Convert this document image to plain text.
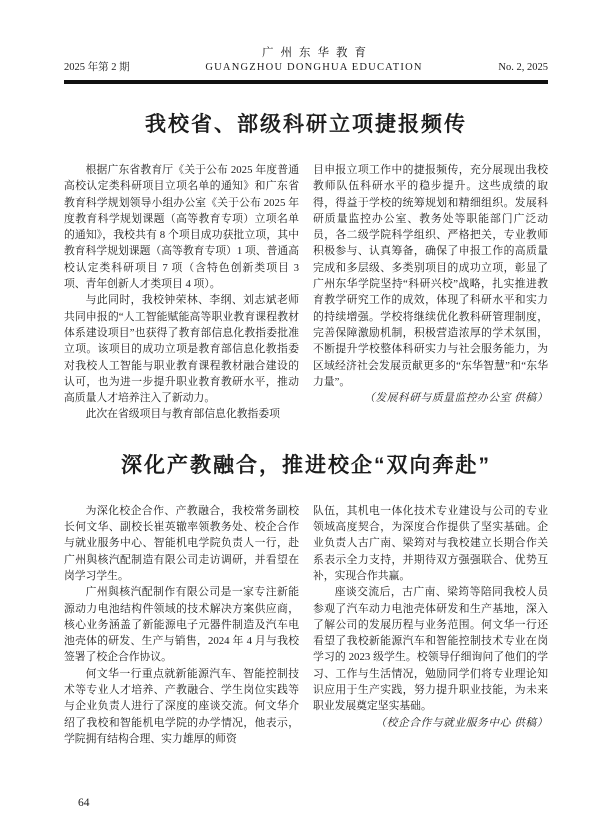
2025 年第 2 期
广州东华教育
GUANGZHOU DONGHUA EDUCATION	No. 2, 2025
我校省、部级科研立项捷报频传

根据广东省教育厅《关于公布 2025 年度普通高校认定类科研项目立项名单的通知》和广东省教育科学规划领导小组办公室《关于公布 2025 年度教育科学规划课题（高等教育专项）立项名单的通知》，我校共有 8 个项目成功获批立项，其中教育科学规划课题（高等教育专项）1 项、普通高校认定类科研项目 7 项（含特色创新类项目 3 项、青年创新人才类项目 4 项）。

与此同时，我校钟荣林、李纲、刘志斌老师共同申报的“人工智能赋能高等职业教育课程教材体系建设项目”也获得了教育部信息化教指委批准立项。该项目的成功立项是教育部信息化教指委对我校人工智能与职业教育课程教材融合建设的认可，也为进一步提升职业教育教研水平，推动高质量人才培养注入了新动力。

此次在省级项目与教育部信息化教指委项

目申报立项工作中的捷报频传，充分展现出我校教师队伍科研水平的稳步提升。这些成绩的取得，得益于学校的统筹规划和精细组织。发展科研质量监控办公室、教务处等职能部门广泛动员，各二级学院科学组织、严格把关，专业教师积极参与、认真筹备，确保了申报工作的高质量完成和多层级、多类别项目的成功立项，彰显了广州东华学院坚持“科研兴校”战略，扎实推进教育教学研究工作的成效，体现了科研水平和实力的持续增强。学校将继续优化教科研管理制度，完善保障激励机制，积极营造浓厚的学术氛围，不断提升学校整体科研实力与社会服务能力，为区域经济社会发展贡献更多的“东华智慧”和“东华力量”。

（发展科研与质量监控办公室 供稿）

深化产教融合，推进校企“双向奔赴”

为深化校企合作、产教融合，我校常务副校长何文华、副校长崔英辙率领教务处、校企合作与就业服务中心、智能机电学院负责人一行，赴广州與核汽配制造有限公司走访调研，并看望在岗学习学生。

广州與核汽配制作有限公司是一家专注新能源动力电池结构件领域的技术解决方案供应商，核心业务涵盖了新能源电子元器件制造及汽车电池壳体的研发、生产与销售，2024 年 4 月与我校签署了校企合作协议。

何文华一行重点就新能源汽车、智能控制技术等专业人才培养、产教融合、学生岗位实践等与企业负责人进行了深度的座谈交流。何文华介绍了我校和智能机电学院的办学情况，他表示，学院拥有结构合理、实力雄厚的师资

队伍，其机电一体化技术专业建设与公司的专业领域高度契合，为深度合作提供了坚实基础。企业负责人古广南、梁筠对与我校建立长期合作关系表示全力支持，并期待双方强强联合、优势互补，实现合作共赢。

座谈交流后，古广南、梁筠等陪同我校人员参观了汽车动力电池壳体研发和生产基地，深入了解公司的发展历程与业务范围。何文华一行还看望了我校新能源汽车和智能控制技术专业在岗学习的 2023 级学生。校领导仔细询问了他们的学习、工作与生活情况，勉励同学们将专业理论知识应用于生产实践，努力提升职业技能，为未来职业发展奠定坚实基础。

（校企合作与就业服务中心 供稿）

64
